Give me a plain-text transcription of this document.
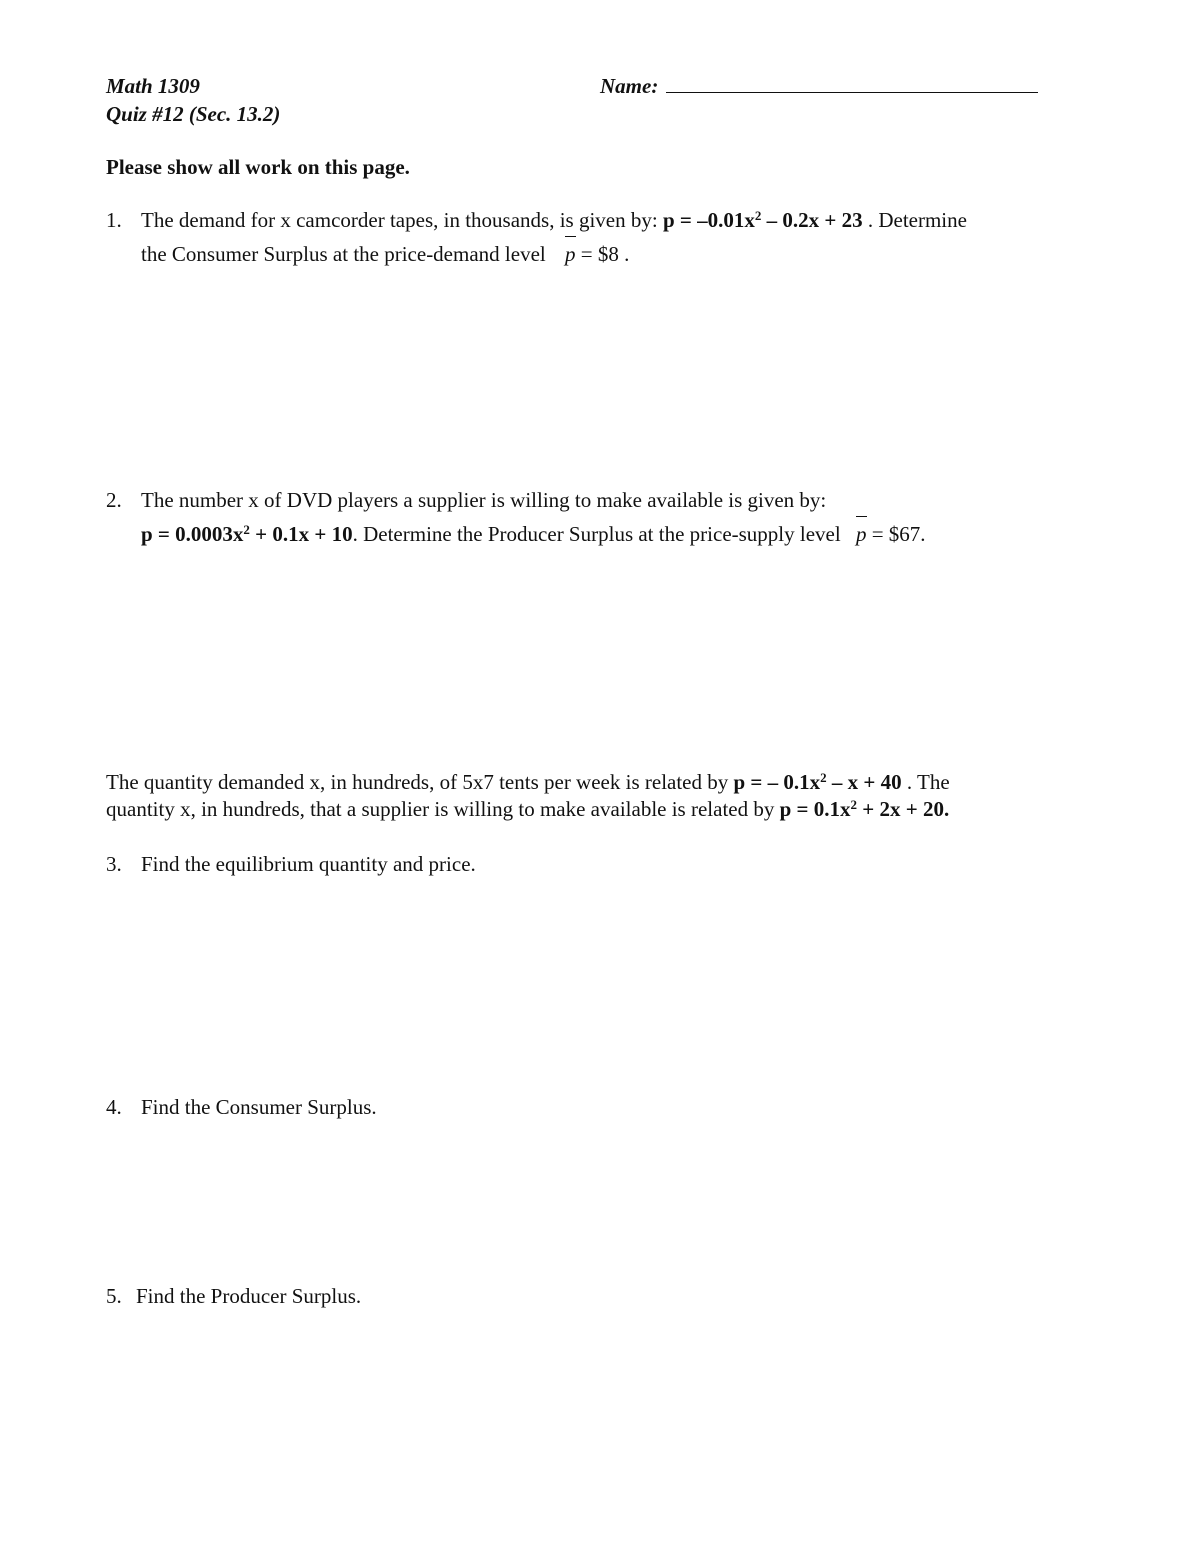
Math 1309
Quiz #12 (Sec. 13.2)
Name:
Please show all work on this page.
1. The demand for x camcorder tapes, in thousands, is given by: $p = -0.01x^2 - 0.2x + 23$ . Determine
the Consumer Surplus at the price-demand level p = $8 .
2. The number x of DVD players a supplier is willing to make available is given by:
$p = 0.0003x^2 + 0.1x + 10$. Determine the Producer Surplus at the price-supply level p = $67.
The quantity demanded x, in hundreds, of 5x7 tents per week is related by p = – $0.1x^2 - x + 40$ . The
quantity x, in hundreds, that a supplier is willing to make available is related by $p = 0.1x^2 + 2x + 20$.
3. Find the equilibrium quantity and price.
4. Find the Consumer Surplus.
5. Find the Producer Surplus.
